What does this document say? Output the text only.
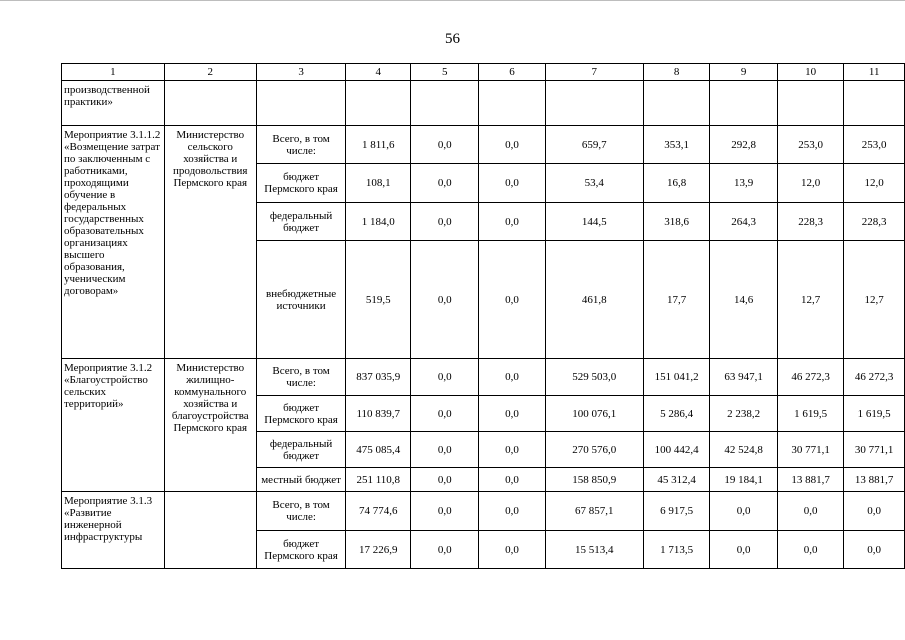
56
1	2	3	4	5	6	7	8	9	10	11
производственной практики»										
Мероприятие 3.1.1.2 «Возмещение затрат по заключенным с работниками, проходящими обучение в федеральных государственных образовательных организациях высшего образования, ученическим договорам»	Министерство сельского хозяйства и продовольствия Пермского края	Всего, в том числе:	1 811,6	0,0	0,0	659,7	353,1	292,8	253,0	253,0
		бюджет Пермского края	108,1	0,0	0,0	53,4	16,8	13,9	12,0	12,0
		федеральный бюджет	1 184,0	0,0	0,0	144,5	318,6	264,3	228,3	228,3
		внебюджетные источники	519,5	0,0	0,0	461,8	17,7	14,6	12,7	12,7
Мероприятие 3.1.2 «Благоустройство сельских территорий»	Министерство жилищно-коммунального хозяйства и благоустройства Пермского края	Всего, в том числе:	837 035,9	0,0	0,0	529 503,0	151 041,2	63 947,1	46 272,3	46 272,3
		бюджет Пермского края	110 839,7	0,0	0,0	100 076,1	5 286,4	2 238,2	1 619,5	1 619,5
		федеральный бюджет	475 085,4	0,0	0,0	270 576,0	100 442,4	42 524,8	30 771,1	30 771,1
		местный бюджет	251 110,8	0,0	0,0	158 850,9	45 312,4	19 184,1	13 881,7	13 881,7
Мероприятие 3.1.3 «Развитие инженерной инфраструктуры		Всего, в том числе:	74 774,6	0,0	0,0	67 857,1	6 917,5	0,0	0,0	0,0
		бюджет Пермского края	17 226,9	0,0	0,0	15 513,4	1 713,5	0,0	0,0	0,0
